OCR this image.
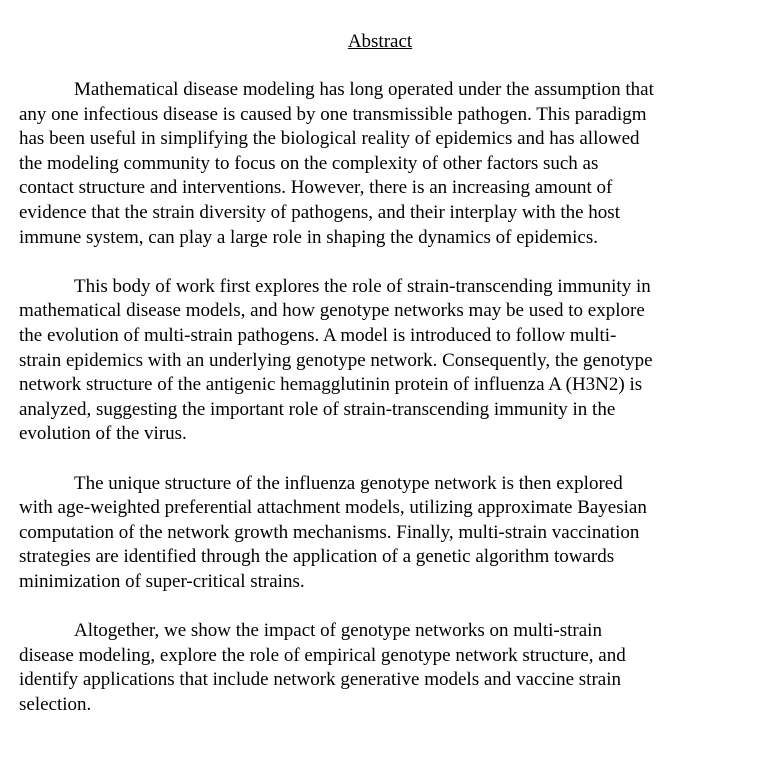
Abstract
Mathematical disease modeling has long operated under the assumption that
any one infectious disease is caused by one transmissible pathogen. This paradigm
has been useful in simplifying the biological reality of epidemics and has allowed
the modeling community to focus on the complexity of other factors such as
contact structure and interventions. However, there is an increasing amount of
evidence that the strain diversity of pathogens, and their interplay with the host
immune system, can play a large role in shaping the dynamics of epidemics.
This body of work first explores the role of strain-transcending immunity in
mathematical disease models, and how genotype networks may be used to explore
the evolution of multi-strain pathogens. A model is introduced to follow multi-
strain epidemics with an underlying genotype network. Consequently, the genotype
network structure of the antigenic hemagglutinin protein of influenza A (H3N2) is
analyzed, suggesting the important role of strain-transcending immunity in the
evolution of the virus.
The unique structure of the influenza genotype network is then explored
with age-weighted preferential attachment models, utilizing approximate Bayesian
computation of the network growth mechanisms. Finally, multi-strain vaccination
strategies are identified through the application of a genetic algorithm towards
minimization of super-critical strains.
Altogether, we show the impact of genotype networks on multi-strain
disease modeling, explore the role of empirical genotype network structure, and
identify applications that include network generative models and vaccine strain
selection.
